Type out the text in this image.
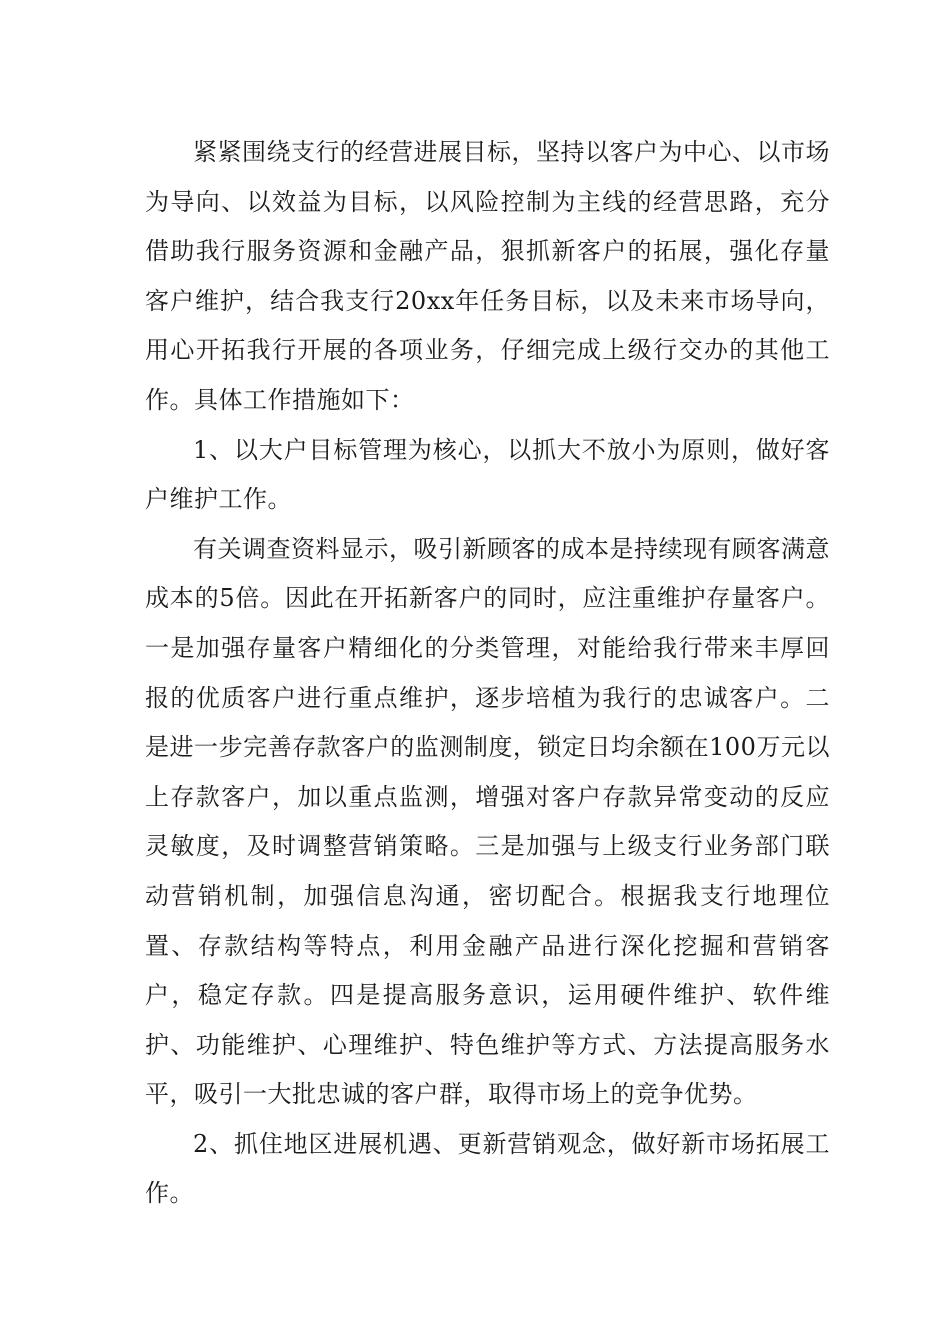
紧紧围绕支行的经营进展目标，坚持以客户为中心、以市场为导向、以效益为目标，以风险控制为主线的经营思路，充分借助我行服务资源和金融产品，狠抓新客户的拓展，强化存量客户维护，结合我支行20xx年任务目标，以及未来市场导向，用心开拓我行开展的各项业务，仔细完成上级行交办的其他工作。具体工作措施如下：

1、以大户目标管理为核心，以抓大不放小为原则，做好客户维护工作。

有关调查资料显示，吸引新顾客的成本是持续现有顾客满意成本的5倍。因此在开拓新客户的同时，应注重维护存量客户。一是加强存量客户精细化的分类管理，对能给我行带来丰厚回报的优质客户进行重点维护，逐步培植为我行的忠诚客户。二是进一步完善存款客户的监测制度，锁定日均余额在100万元以上存款客户，加以重点监测，增强对客户存款异常变动的反应灵敏度，及时调整营销策略。三是加强与上级支行业务部门联动营销机制，加强信息沟通，密切配合。根据我支行地理位置、存款结构等特点，利用金融产品进行深化挖掘和营销客户，稳定存款。四是提高服务意识，运用硬件维护、软件维护、功能维护、心理维护、特色维护等方式、方法提高服务水平，吸引一大批忠诚的客户群，取得市场上的竞争优势。

2、抓住地区进展机遇、更新营销观念，做好新市场拓展工作。
